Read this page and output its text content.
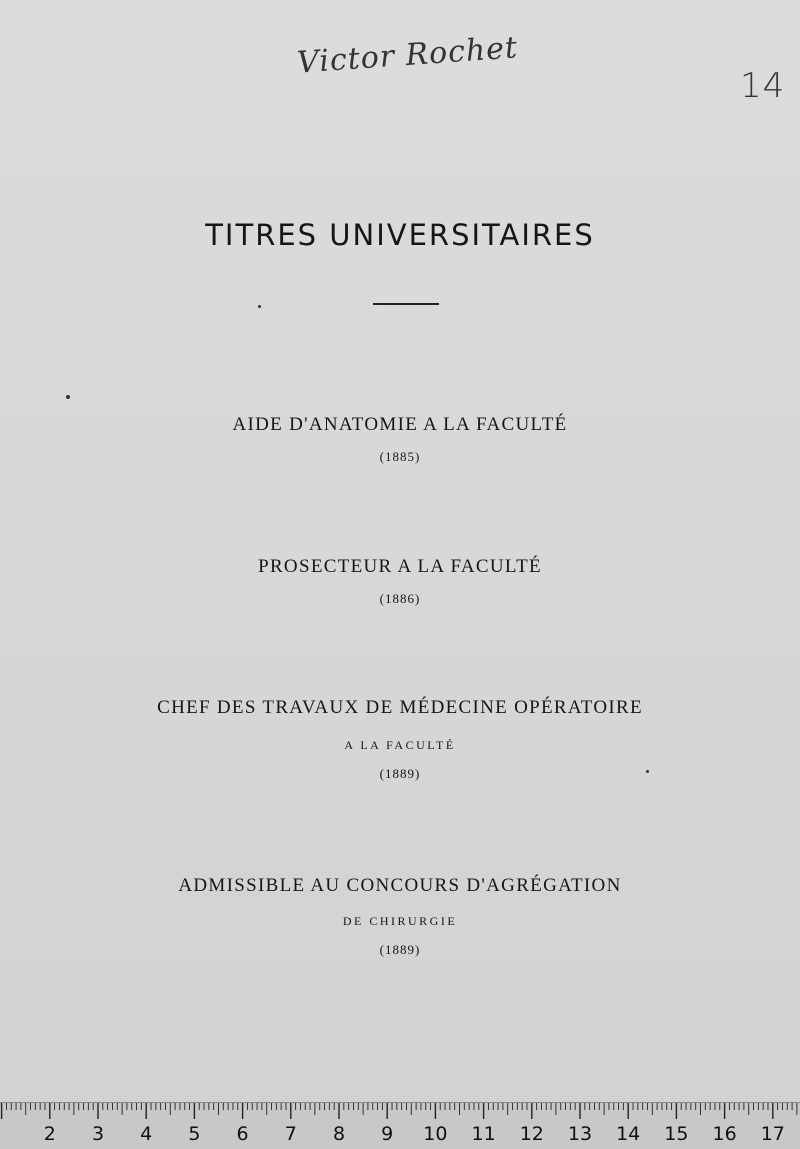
Victor Rochet
14
TITRES UNIVERSITAIRES
AIDE D'ANATOMIE A LA FACULTÉ
(1885)
PROSECTEUR A LA FACULTÉ
(1886)
CHEF DES TRAVAUX DE MÉDECINE OPÉRATOIRE
A LA FACULTÉ
(1889)
ADMISSIBLE AU CONCOURS D'AGRÉGATION
DE CHIRURGIE
(1889)
2 3 4 5 6 7 8 9 10 11 12 13 14 15 16 17
